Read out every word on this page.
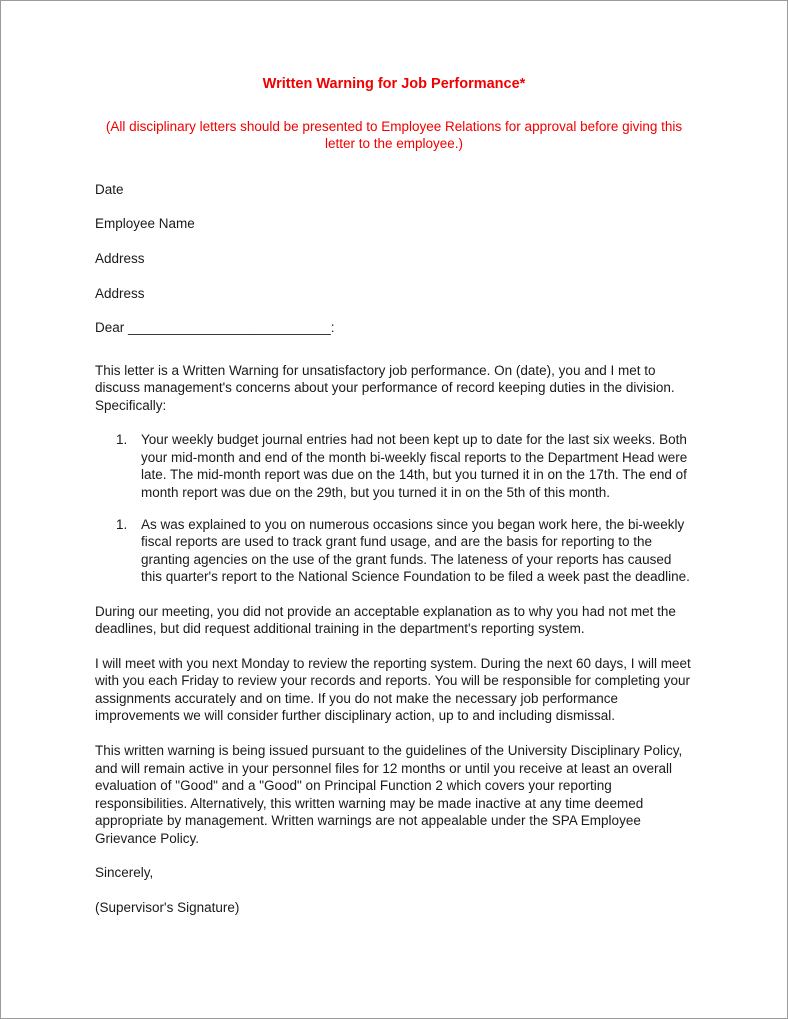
Written Warning for Job Performance*

(All disciplinary letters should be presented to Employee Relations for approval before giving this letter to the employee.)

Date

Employee Name

Address

Address

Dear ___________________________:

This letter is a Written Warning for unsatisfactory job performance. On (date), you and I met to discuss management's concerns about your performance of record keeping duties in the division. Specifically:

1.	Your weekly budget journal entries had not been kept up to date for the last six weeks. Both your mid-month and end of the month bi-weekly fiscal reports to the Department Head were late. The mid-month report was due on the 14th, but you turned it in on the 17th. The end of month report was due on the 29th, but you turned it in on the 5th of this month.
1.	As was explained to you on numerous occasions since you began work here, the bi-weekly fiscal reports are used to track grant fund usage, and are the basis for reporting to the granting agencies on the use of the grant funds. The lateness of your reports has caused this quarter's report to the National Science Foundation to be filed a week past the deadline.

During our meeting, you did not provide an acceptable explanation as to why you had not met the deadlines, but did request additional training in the department's reporting system.

I will meet with you next Monday to review the reporting system. During the next 60 days, I will meet with you each Friday to review your records and reports. You will be responsible for completing your assignments accurately and on time. If you do not make the necessary job performance improvements we will consider further disciplinary action, up to and including dismissal.

This written warning is being issued pursuant to the guidelines of the University Disciplinary Policy, and will remain active in your personnel files for 12 months or until you receive at least an overall evaluation of "Good" and a "Good" on Principal Function 2 which covers your reporting responsibilities. Alternatively, this written warning may be made inactive at any time deemed appropriate by management. Written warnings are not appealable under the SPA Employee Grievance Policy.

Sincerely,

(Supervisor's Signature)
